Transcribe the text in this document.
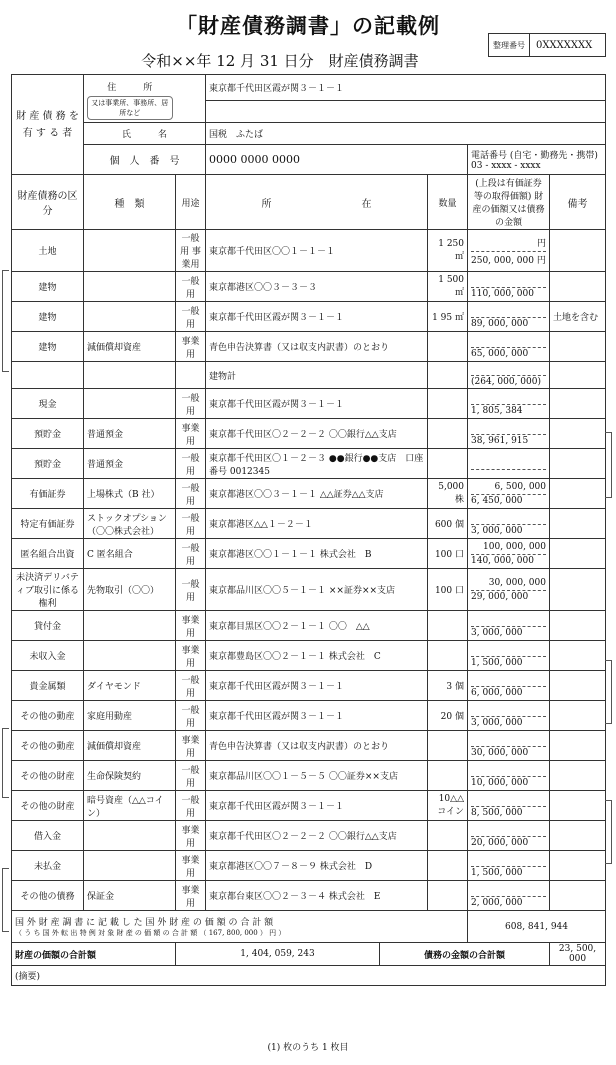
「財産債務調書」の記載例
整理番号	0XXXXXXX
令和××年 12 月 31 日分　財産債務調書
財 産 債 務 を 有 す る 者	住　　　所
又は事業所、事務所、居所など		東京都千代田区霞が関３－１－１				

	氏　　　名		国税　ふたば				
	個　人　番　号		0000 0000 0000			電話番号 (自宅・勤務先・携帯)
03 - xxxx - xxxx	

財産債務の区分	種　類	用途	所　　　　　　　　　在		数量	(上段は有価証券等の取得価額) 財産の価額又は債務の金額	備考
土地		一般用 事業用	東京都千代田区〇〇１－１－１		1 250 ㎡	円
250, 000, 000 円	

建物		一般用	東京都港区〇〇３－３－３		1 500 ㎡	110, 000, 000	

建物		一般用	東京都千代田区霞が関３－１－１		1 95 ㎡	89, 000, 000	土地を含む
建物	減価償却資産	事業用	青色申告決算書（又は収支内訳書）のとおり			65, 000, 000	

			建物計			(264, 000, 000)	

現金		一般用	東京都千代田区霞が関３－１－１			1, 805, 384	

預貯金	普通預金	事業用	東京都千代田区〇２－２－２ 〇〇銀行△△支店			38, 961, 915	

預貯金	普通預金	一般用	東京都千代田区〇１－２－３ ●●銀行●●支店　口座番号 0012345			

有価証券	上場株式（B 社）	一般用	東京都港区〇〇３－１－１ △△証券△△支店		5,000株	6, 500, 000
6, 450, 000	

特定有価証券	ストックオプション（〇〇株式会社）	一般用	東京都港区△△１－２－１		600 個	3, 000, 000	

匿名組合出資	C 匿名組合	一般用	東京都港区〇〇１－１－１ 株式会社　B		100 口	100, 000, 000
140, 000, 000	

未決済デリバティブ取引に係る権利	先物取引（〇〇）	一般用	東京都品川区〇〇５－１－１ ××証券××支店		100 口	30, 000, 000
29, 000, 000	

貸付金		事業用	東京都目黒区〇〇２－１－１ 〇〇　△△			3, 000, 000	

未収入金		事業用	東京都豊島区〇〇２－１－１ 株式会社　C			1, 500, 000	

貴金属類	ダイヤモンド	一般用	東京都千代田区霞が関３－１－１		3 個	6, 000, 000	

その他の動産	家庭用動産	一般用	東京都千代田区霞が関３－１－１		20 個	3, 000, 000	

その他の動産	減価償却資産	事業用	青色申告決算書（又は収支内訳書）のとおり			30, 000, 000	

その他の財産	生命保険契約	一般用	東京都品川区〇〇１－５－５ 〇〇証券××支店			10, 000, 000	

その他の財産	暗号資産（△△コイン）	一般用	東京都千代田区霞が関３－１－１		10△△コイン	8, 500, 000	

借入金		事業用	東京都千代田区〇２－２－２ 〇〇銀行△△支店			20, 000, 000	

未払金		事業用	東京都港区〇〇７－８－９ 株式会社　D			1, 500, 000	

その他の債務	保証金	事業用	東京都台東区〇〇２－３－４ 株式会社　E			2, 000, 000	

国 外 財 産 調 書 に 記 載 し た 国 外 財 産 の 価 額 の 合 計 額
（ う ち 国 外 転 出 特 例 対 象 財 産 の 価 額 の 合 計 額 （ 167, 800, 000 ） 円 ）						608, 841, 944	
財産の価額の合計額		1, 404, 059, 243		債務の金額の合計額			23, 500, 000
(摘要)							
(1) 枚のうち 1 枚目
